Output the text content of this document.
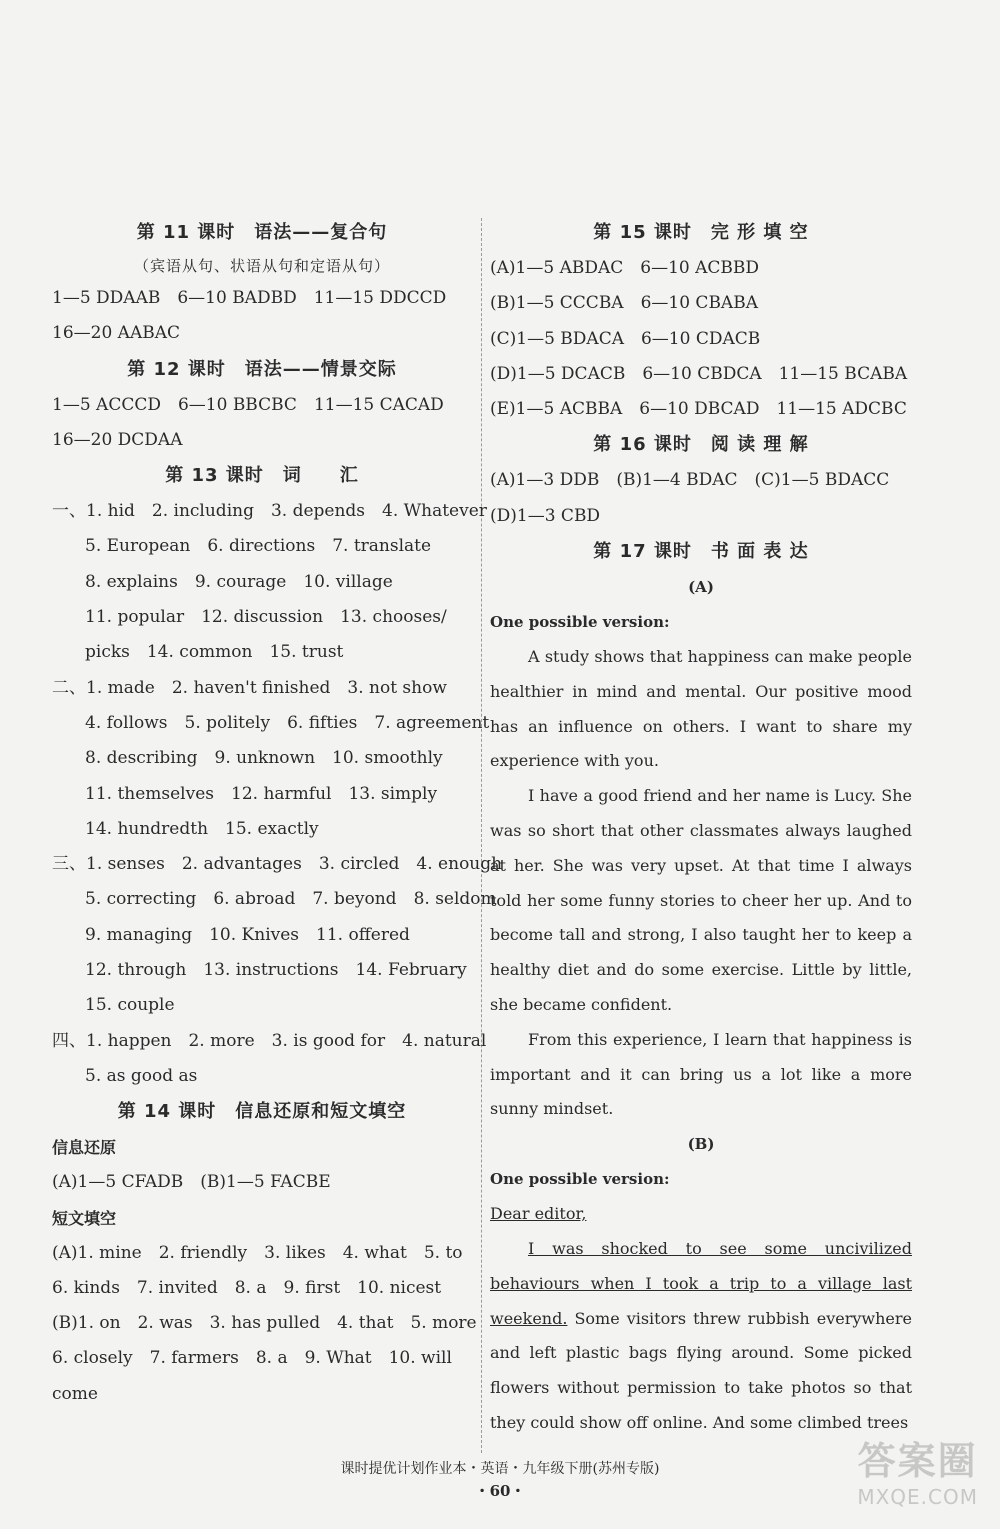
第 11 课时　语法——复合句
（宾语从句、状语从句和定语从句）
1—5 DDAAB　6—10 BADBD　11—15 DDCCD
16—20 AABAC
第 12 课时　语法——情景交际
1—5 ACCCD　6—10 BBCBC　11—15 CACAD
16—20 DCDAA
第 13 课时　词　　汇
一、1. hid　2. including　3. depends　4. Whatever
5. European　6. directions　7. translate
8. explains　9. courage　10. village
11. popular　12. discussion　13. chooses/
picks　14. common　15. trust
二、1. made　2. haven't finished　3. not show
4. follows　5. politely　6. fifties　7. agreement
8. describing　9. unknown　10. smoothly
11. themselves　12. harmful　13. simply
14. hundredth　15. exactly
三、1. senses　2. advantages　3. circled　4. enough
5. correcting　6. abroad　7. beyond　8. seldom
9. managing　10. Knives　11. offered
12. through　13. instructions　14. February
15. couple
四、1. happen　2. more　3. is good for　4. natural
5. as good as
第 14 课时　信息还原和短文填空
信息还原
(A)1—5 CFADB　(B)1—5 FACBE
短文填空
(A)1. mine　2. friendly　3. likes　4. what　5. to
6. kinds　7. invited　8. a　9. first　10. nicest
(B)1. on　2. was　3. has pulled　4. that　5. more
6. closely　7. farmers　8. a　9. What　10. will
come
第 15 课时　完 形 填 空
(A)1—5 ABDAC　6—10 ACBBD
(B)1—5 CCCBA　6—10 CBABA
(C)1—5 BDACA　6—10 CDACB
(D)1—5 DCACB　6—10 CBDCA　11—15 BCABA
(E)1—5 ACBBA　6—10 DBCAD　11—15 ADCBC
第 16 课时　阅 读 理 解
(A)1—3 DDB　(B)1—4 BDAC　(C)1—5 BDACC
(D)1—3 CBD
第 17 课时　书 面 表 达
(A)
One possible version:

A study shows that happiness can make people healthier in mind and mental. Our positive mood has an influence on others. I want to share my experience with you.

I have a good friend and her name is Lucy. She was so short that other classmates always laughed at her. She was very upset. At that time I always told her some funny stories to cheer her up. And to become tall and strong, I also taught her to keep a healthy diet and do some exercise. Little by little, she became confident.

From this experience, I learn that happiness is important and it can bring us a lot like a more sunny mindset.

(B)
One possible version:

Dear editor,

I was shocked to see some uncivilized behaviours when I took a trip to a village last weekend. Some visitors threw rubbish everywhere and left plastic bags flying around. Some picked flowers without permission to take photos so that they could show off online. And some climbed trees

课时提优计划作业本・英语・九年级下册(苏州专版)
・60・
答案圈
MXQE.COM
